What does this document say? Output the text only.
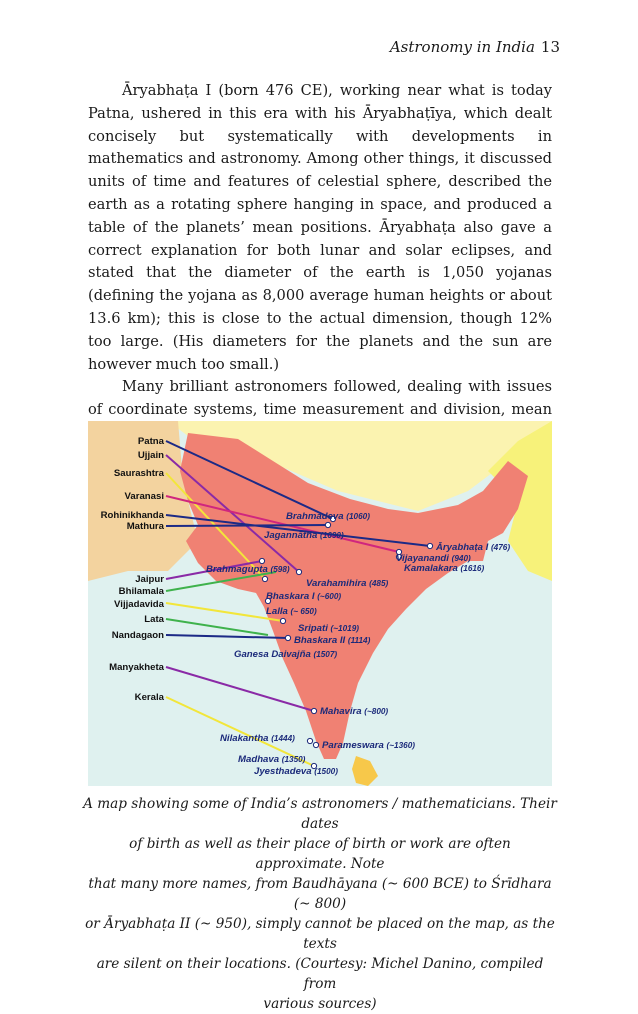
Astronomy in India 13

Āryabhaṭa I (born 476 CE), working near what is today Patna, ushered in this era with his Āryabhaṭīya, which dealt concisely but systematically with developments in mathematics and astronomy. Among other things, it discussed units of time and features of celestial sphere, described the earth as a rotating sphere hanging in space, and produced a table of the planets’ mean positions. Āryabhaṭa also gave a correct explanation for both lunar and solar eclipses, and stated that the diameter of the earth is 1,050 yojanas (defining the yojana as 8,000 average human heights or about 13.6 km); this is close to the actual dimension, though 12% too large. (His diameters for the planets and the sun are however much too small.)

Many brilliant astronomers followed, dealing with issues of coordinate systems, time measurement and division, mean

Patna
Ujjain
Saurashtra
Varanasi
Rohinikhanda
Mathura
Jaipur
Bhilamala
Vijjadavida
Lata
Nandagaon
Manyakheta
Kerala
Brahmadeva (1060)
Jagannātha (1690)
Āryabhaṭa I (476)
Vijayanandi (940)
Kamalakara (1616)
Brahmagupta (598)
Varahamihira (485)
Bhaskara I (~600)
Lalla (~ 650)
Sripati (~1019)
Bhaskara II (1114)
Ganesa Daivajña (1507)
Mahavira (~800)
Nilakantha (1444)
Parameswara (~1360)
Madhava (1350)
Jyesthadeva (1500)
A map showing some of India’s astronomers / mathematicians. Their dates
of birth as well as their place of birth or work are often approximate. Note
that many more names, from Baudhāyana (~ 600 BCE) to Śrīdhara (~ 800)
or Āryabhaṭa II (~ 950), simply cannot be placed on the map, as the texts
are silent on their locations. (Courtesy: Michel Danino, compiled from
various sources)
